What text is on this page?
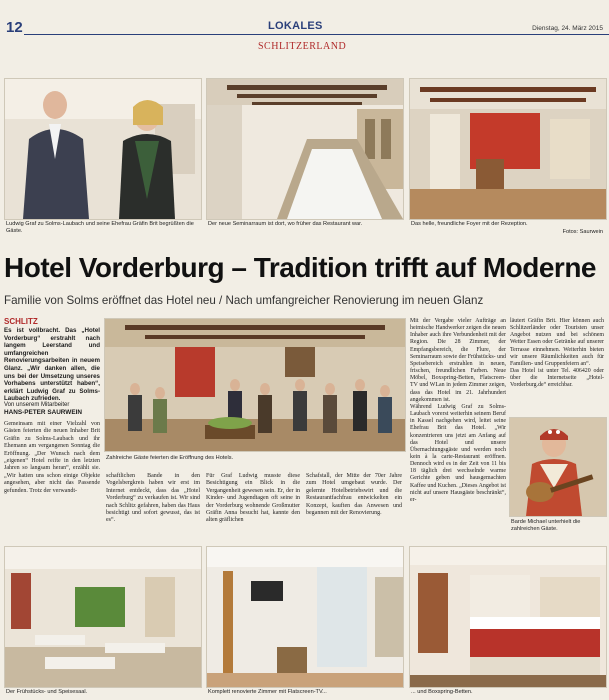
12	LOKALES
SCHLITZERLAND
Dienstag, 24. März 2015
Ludwig Graf zu Solms-Laubach und seine Ehefrau Gräfin Brit begrüßten die Gäste.
Der neue Seminarraum ist dort, wo früher das Restaurant war.	Das helle, freundliche Foyer mit der Rezeption.
Fotos: Saurwein
Hotel Vorderburg – Tradition trifft auf Moderne
Familie von Solms eröffnet das Hotel neu / Nach umfangreicher Renovierung im neuen Glanz
SCHLITZ
Es ist vollbracht. Das „Hotel Vorderburg“ erstrahlt nach langem Leerstand und umfangreichen Renovierungsarbeiten in neuem Glanz. „Wir danken allen, die uns bei der Umsetzung unseres Vorhabens unterstützt haben“, erklärt Ludwig Graf zu Solms-Laubach zufrieden.
Von unserem Mitarbeiter
HANS-PETER SAURWEIN
Gemeinsam mit einer Vielzahl von Gästen feierten die neuen Inhaber Brit Gräfin zu Solms-Laubach und ihr Ehemann am vergangenen Sonntag die Eröffnung. „Der Wunsch nach dem „eigenen“ Hotel reifte in den letzten Jahren so langsam heran“, erzählt sie. „Wir hatten uns schon einige Objekte angesehen, aber nicht das Passende gefunden. Trotz der verwandt-
Zahlreiche Gäste feierten die Eröffnung des Hotels.
schaftlichen Bande in den Vogelsbergkreis haben wir erst im Internet entdeckt, dass das „Hotel Vorderburg“ zu verkaufen ist. Wir sind nach Schlitz gefahren, haben das Haus besichtigt und sofort gewusst, das ist es“.
Für Graf Ludwig musste diese Besichtigung ein Blick in die Vergangenheit gewesen sein. Er, der in Kinder- und Jugendtagen oft seine in der Vorderburg wohnende Großmutter Gräfin Anna besucht hat, kannte den alten gräflichen
Schafstall, der Mitte der 70er Jahre zum Hotel umgebaut wurde. Der gelernte Hotelbetriebswirt und die Restaurantfachfrau entwickelten ein Konzept, kauften das Anwesen und begannen mit der Renovierung.
Mit der Vergabe vieler Aufträge an heimische Handwerker zeigen die neuen Inhaber auch ihre Verbundenheit mit der Region. Die 28 Zimmer, der Empfangsbereich, die Flure, der Seminarraum sowie der Frühstücks- und Speisebereich erstrahlen in neuen, frischen, freundlichen Farben. Neue Möbel, Boxspring-Betten, Flatscreen-TV und WLan in jedem Zimmer zeigen, dass das Hotel im 21. Jahrhundert angekommen ist.
Während Ludwig Graf zu Solms-Laubach vorerst weiterhin seinem Beruf in Kassel nachgehen wird, leitet seine Ehefrau Brit das Hotel. „Wir konzentrieren uns jetzt am Anfang auf das Hotel und unsere Übernachtungsgäste und werden noch kein à la carte-Restaurant eröffnen. Dennoch wird es in der Zeit von 11 bis 18 täglich drei wechselnde warme Gerichte geben und hausgemachten Kaffee und Kuchen. „Dieses Angebot ist nicht auf unsere Hausgäste beschränkt“, er-
läutert Gräfin Brit. Hier können auch Schlitzerländer oder Touristen unser Angebot nutzen und bei schönem Wetter Essen oder Getränke auf unserer Terrasse einnehmen. Weiterhin bieten wir unsere Räumlichkeiten auch für Familien- und Gruppenfeiern an“.
Das Hotel ist unter Tel. 406420 oder über die Internetseite „Hotel-Vorderburg.de“ erreichbar.
Barde Michael unterhielt die zahlreichen Gäste.
Der Frühstücks- und Speisesaal.	Komplett renovierte Zimmer mit Flatscreen-TV...	... und Boxspring-Betten.
